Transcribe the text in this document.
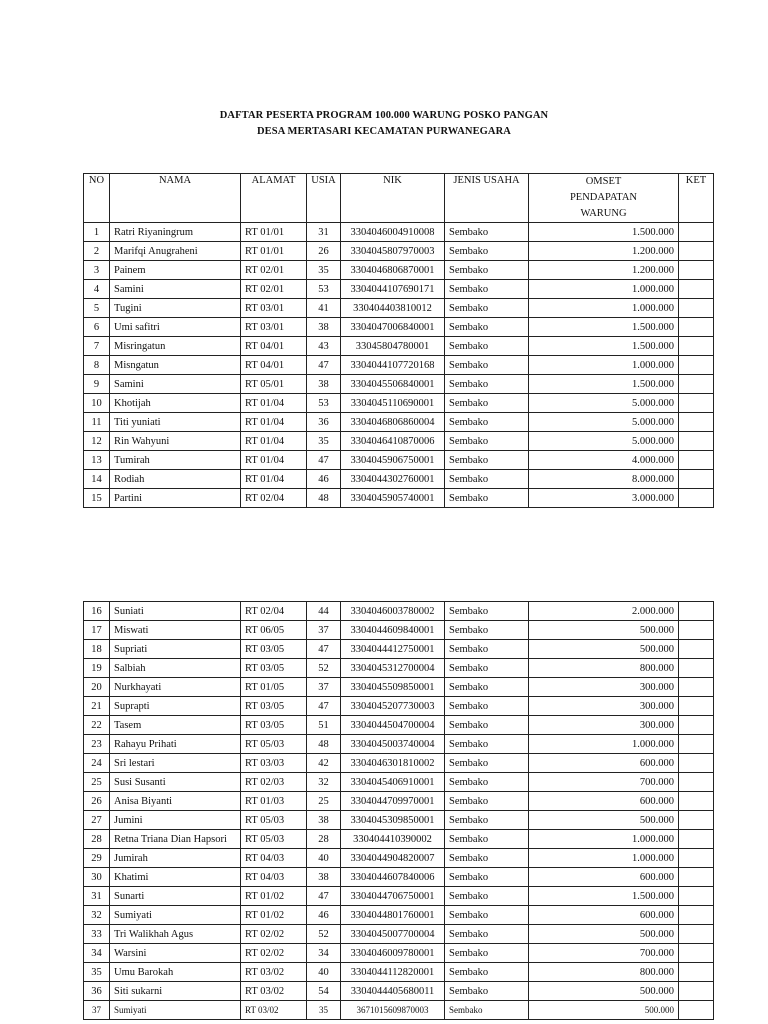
DAFTAR PESERTA PROGRAM 100.000 WARUNG POSKO PANGAN
DESA MERTASARI KECAMATAN PURWANEGARA
NO	NAMA	ALAMAT	USIA	NIK	JENIS USAHA	OMSET PENDAPATAN WARUNG	KET
1	Ratri Riyaningrum	RT 01/01	31	3304046004910008	Sembako	1.500.000	
2	Marifqi Anugraheni	RT 01/01	26	3304045807970003	Sembako	1.200.000	
3	Painem	RT 02/01	35	3304046806870001	Sembako	1.200.000	
4	Samini	RT 02/01	53	3304044107690171	Sembako	1.000.000	
5	Tugini	RT 03/01	41	330404403810012	Sembako	1.000.000	
6	Umi safitri	RT 03/01	38	3304047006840001	Sembako	1.500.000	
7	Misringatun	RT 04/01	43	33045804780001	Sembako	1.500.000	
8	Misngatun	RT 04/01	47	3304044107720168	Sembako	1.000.000	
9	Samini	RT 05/01	38	3304045506840001	Sembako	1.500.000	
10	Khotijah	RT 01/04	53	3304045110690001	Sembako	5.000.000	
11	Titi yuniati	RT 01/04	36	3304046806860004	Sembako	5.000.000	
12	Rin Wahyuni	RT 01/04	35	3304046410870006	Sembako	5.000.000	
13	Tumirah	RT 01/04	47	3304045906750001	Sembako	4.000.000	
14	Rodiah	RT 01/04	46	3304044302760001	Sembako	8.000.000	
15	Partini	RT 02/04	48	3304045905740001	Sembako	3.000.000	
16	Suniati	RT 02/04	44	3304046003780002	Sembako	2.000.000	
17	Miswati	RT 06/05	37	3304044609840001	Sembako	500.000	
18	Supriati	RT 03/05	47	3304044412750001	Sembako	500.000	
19	Salbiah	RT 03/05	52	3304045312700004	Sembako	800.000	
20	Nurkhayati	RT 01/05	37	3304045509850001	Sembako	300.000	
21	Suprapti	RT 03/05	47	3304045207730003	Sembako	300.000	
22	Tasem	RT 03/05	51	3304044504700004	Sembako	300.000	
23	Rahayu Prihati	RT 05/03	48	3304045003740004	Sembako	1.000.000	
24	Sri lestari	RT 03/03	42	3304046301810002	Sembako	600.000	
25	Susi Susanti	RT 02/03	32	3304045406910001	Sembako	700.000	
26	Anisa Biyanti	RT 01/03	25	3304044709970001	Sembako	600.000	
27	Jumini	RT 05/03	38	3304045309850001	Sembako	500.000	
28	Retna Triana Dian Hapsori	RT 05/03	28	330404410390002	Sembako	1.000.000	
29	Jumirah	RT 04/03	40	3304044904820007	Sembako	1.000.000	
30	Khatimi	RT 04/03	38	3304044607840006	Sembako	600.000	
31	Sunarti	RT 01/02	47	3304044706750001	Sembako	1.500.000	
32	Sumiyati	RT 01/02	46	3304044801760001	Sembako	600.000	
33	Tri Walikhah Agus	RT 02/02	52	3304045007700004	Sembako	500.000	
34	Warsini	RT 02/02	34	3304046009780001	Sembako	700.000	
35	Umu Barokah	RT 03/02	40	3304044112820001	Sembako	800.000	
36	Siti sukarni	RT 03/02	54	3304044405680011	Sembako	500.000	
37	Sumiyati	RT 03/02	35	3671015609870003	Sembako	500.000	
